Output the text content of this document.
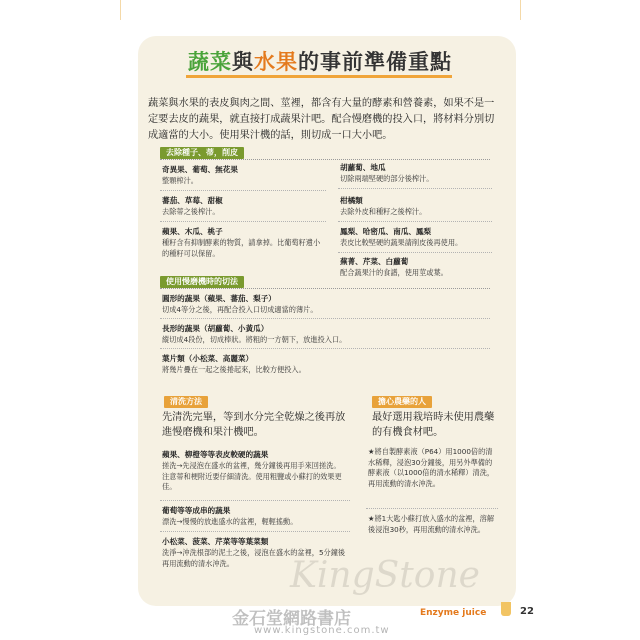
蔬菜與水果的事前準備重點
蔬菜與水果的表皮與肉之間、莖裡，都含有大量的酵素和營養素，如果不是一定要去皮的蔬果，就直接打成蔬果汁吧。配合慢磨機的投入口，將材料分別切成適當的大小。使用果汁機的話，則切成一口大小吧。
去除種子、蒂，削皮
奇異果、葡萄、無花果
整顆榨汁。
蕃茄、草莓、甜椒
去除蒂之後榨汁。
蘋果、木瓜、桃子
種籽含有抑制酵素的物質，請拿掉。比葡萄籽遺小的種籽可以保留。
胡蘿蔔、地瓜
切除兩端堅硬的部分後榨汁。
柑橘類
去除外皮和種籽之後榨汁。
鳳梨、哈密瓜、南瓜、鳳梨
表皮比較堅硬的蔬果請削皮後再使用。
蕪菁、芹菜、白蘿蔔
配合蔬果汁的食譜，使用莖或葉。
使用慢磨機時的切法
圓形的蔬果（蘋果、蕃茄、梨子）
切成4等分之後，再配合投入口切成適當的薄片。
長形的蔬果（胡蘿蔔、小黃瓜）
縱切成4段份，切成棒狀。將粗的一方朝下，放進投入口。
葉片類（小松菜、高麗菜）
將幾片疊在一起之後捲起來，比較方便投入。
清洗方法
先清洗完畢，等到水分完全乾燥之後再放進慢磨機和果汁機吧。
蘋果、柳橙等等表皮較硬的蔬果
搓洗→先浸泡在盛水的盆裡，幾分鐘後再用手來回搓洗。注意蒂和梗附近要仔細清洗。使用粗鹽或小蘇打的效果更佳。
葡萄等等成串的蔬果
漂洗→慢慢的放進盛水的盆裡，輕輕搖動。
小松菜、菠菜、芹菜等等葉菜類
洗淨→沖洗根部的泥土之後，浸泡在盛水的盆裡，5分鐘後再用流動的清水沖洗。
擔心農藥的人
最好選用栽培時未使用農藥的有機食材吧。
★將自製酵素液（P64）用1000倍的清水稀釋，浸泡30分鐘後，用另外準備的酵素液（以1000倍的清水稀釋）清洗，再用流動的清水沖洗。
★將1大匙小蘇打放入盛水的盆裡，溶解後浸泡30秒，再用流動的清水沖洗。
Enzyme juice	22
KingStone
金石堂網路書店
www.kingstone.com.tw
